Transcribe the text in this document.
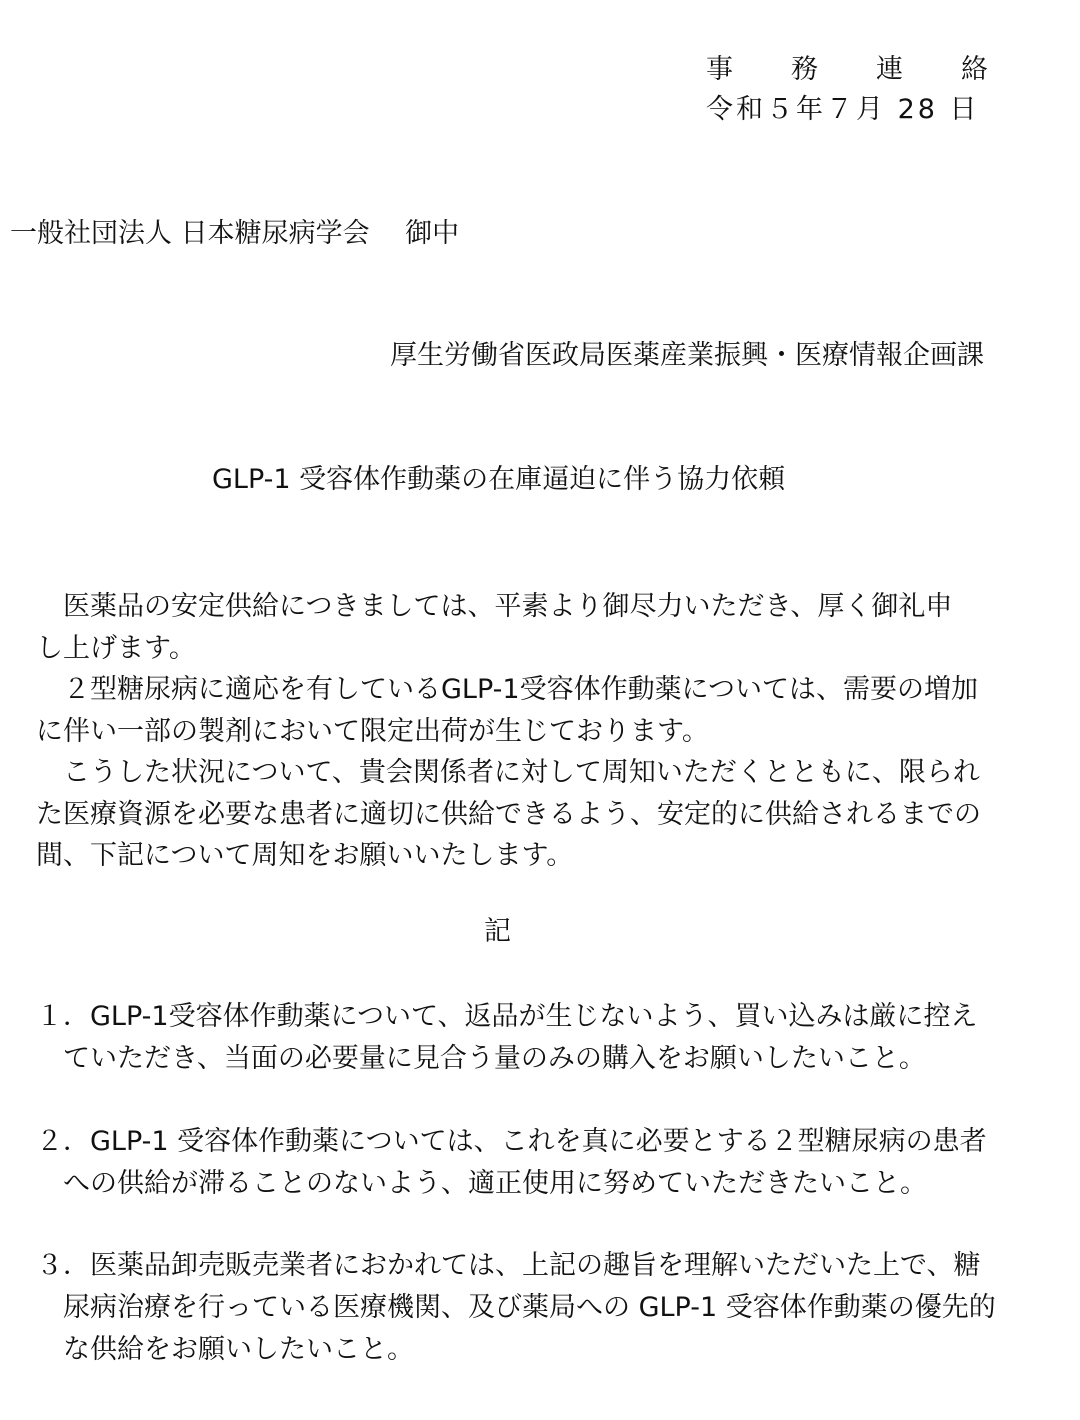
事 務 連 絡
令和５年７月 28 日
一般社団法人 日本糖尿病学会　 御中
厚生労働省医政局医薬産業振興・医療情報企画課
GLP-1 受容体作動薬の在庫逼迫に伴う協力依頼
　医薬品の安定供給につきましては、平素より御尽力いただき、厚く御礼申
し上げます。
　２型糖尿病に適応を有しているGLP-1受容体作動薬については、需要の増加
に伴い一部の製剤において限定出荷が生じております。
　こうした状況について、貴会関係者に対して周知いただくとともに、限られ
た医療資源を必要な患者に適切に供給できるよう、安定的に供給されるまでの
間、下記について周知をお願いいたします。
記
１．GLP-1受容体作動薬について、返品が生じないよう、買い込みは厳に控え
　ていただき、当面の必要量に見合う量のみの購入をお願いしたいこと。
２．GLP-1 受容体作動薬については、これを真に必要とする２型糖尿病の患者
　への供給が滞ることのないよう、適正使用に努めていただきたいこと。
３．医薬品卸売販売業者におかれては、上記の趣旨を理解いただいた上で、糖
　尿病治療を行っている医療機関、及び薬局への GLP-1 受容体作動薬の優先的
　な供給をお願いしたいこと。
